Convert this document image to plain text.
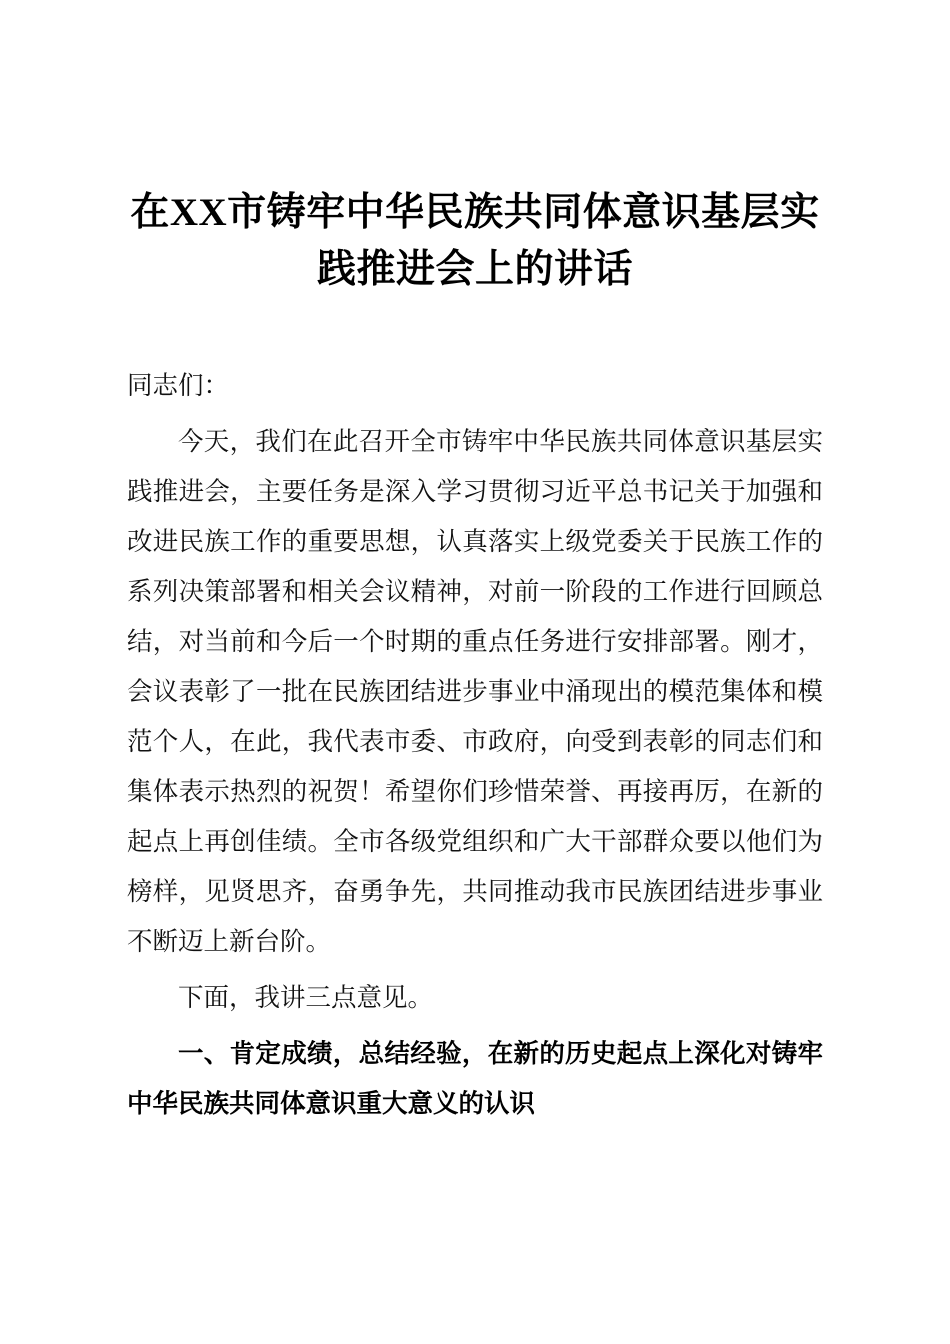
在XX市铸牢中华民族共同体意识基层实
践推进会上的讲话

同志们：

今天，我们在此召开全市铸牢中华民族共同体意识基层实践推进会，主要任务是深入学习贯彻习近平总书记关于加强和改进民族工作的重要思想，认真落实上级党委关于民族工作的系列决策部署和相关会议精神，对前一阶段的工作进行回顾总结，对当前和今后一个时期的重点任务进行安排部署。刚才，会议表彰了一批在民族团结进步事业中涌现出的模范集体和模范个人，在此，我代表市委、市政府，向受到表彰的同志们和集体表示热烈的祝贺！希望你们珍惜荣誉、再接再厉，在新的起点上再创佳绩。全市各级党组织和广大干部群众要以他们为榜样，见贤思齐，奋勇争先，共同推动我市民族团结进步事业不断迈上新台阶。

下面，我讲三点意见。

一、肯定成绩，总结经验，在新的历史起点上深化对铸牢中华民族共同体意识重大意义的认识
